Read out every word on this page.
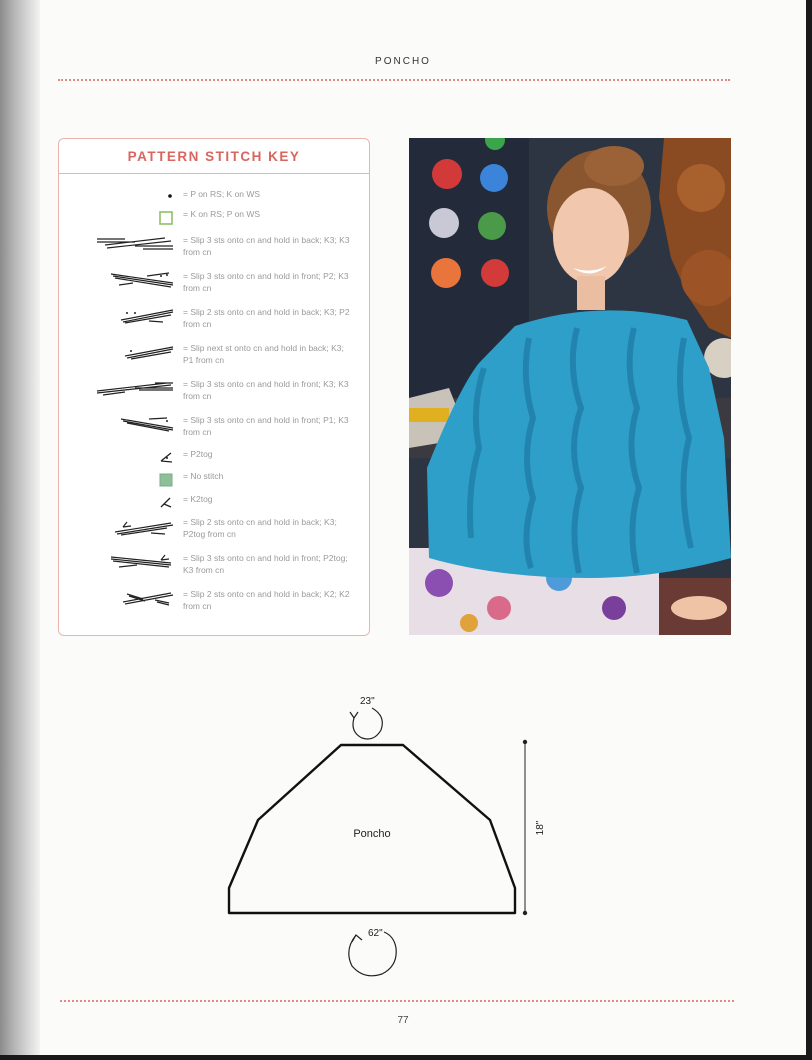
PONCHO
PATTERN STITCH KEY
= P on RS; K on WS
= K on RS; P on WS
= Slip 3 sts onto cn and hold in back; K3; K3 from cn
= Slip 3 sts onto cn and hold in front; P2; K3 from cn
= Slip 2 sts onto cn and hold in back; K3; P2 from cn
= Slip next st onto cn and hold in back; K3; P1 from cn
= Slip 3 sts onto cn and hold in front; K3; K3 from cn
= Slip 3 sts onto cn and hold in front; P1; K3 from cn
= P2tog
= No stitch
= K2tog
= Slip 2 sts onto cn and hold in back; K3; P2tog from cn
= Slip 3 sts onto cn and hold in front; P2tog; K3 from cn
= Slip 2 sts onto cn and hold in back; K2; K2 from cn
23"
Poncho
62"
18"
77
